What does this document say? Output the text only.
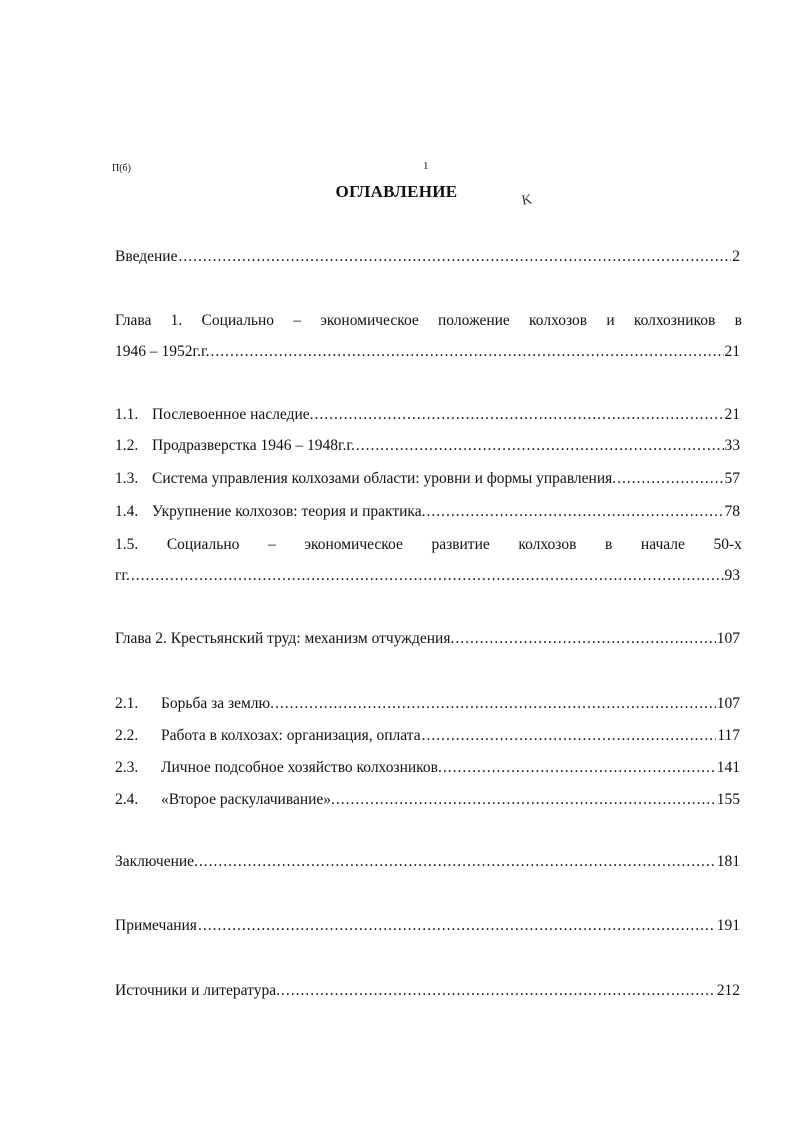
П(б)	1
ОГЛАВЛЕНИЕ	K
Введение .....	2
Глава 1. Социально – экономическое положение колхозов и колхозников в
1946 – 1952г.г. .....	21
1.1. Послевоенное наследие. .....	21
1.2. Продразверстка 1946 – 1948г.г. .....	33
1.3. Система управления колхозами области: уровни и формы управления. .....	57
1.4. Укрупнение колхозов: теория и практика. .....	78
1.5. Социально – экономическое развитие колхозов в начале 50-х
гг. .....	93
Глава 2. Крестьянский труд: механизм отчуждения. .....	107
2.1. Борьба за землю. .....	107
2.2. Работа в колхозах: организация, оплата .....	117
2.3. Личное подсобное хозяйство колхозников. .....	141
2.4. «Второе раскулачивание». .....	155
Заключение. .....	181
Примечания .....	191
Источники и литература. .....	212
